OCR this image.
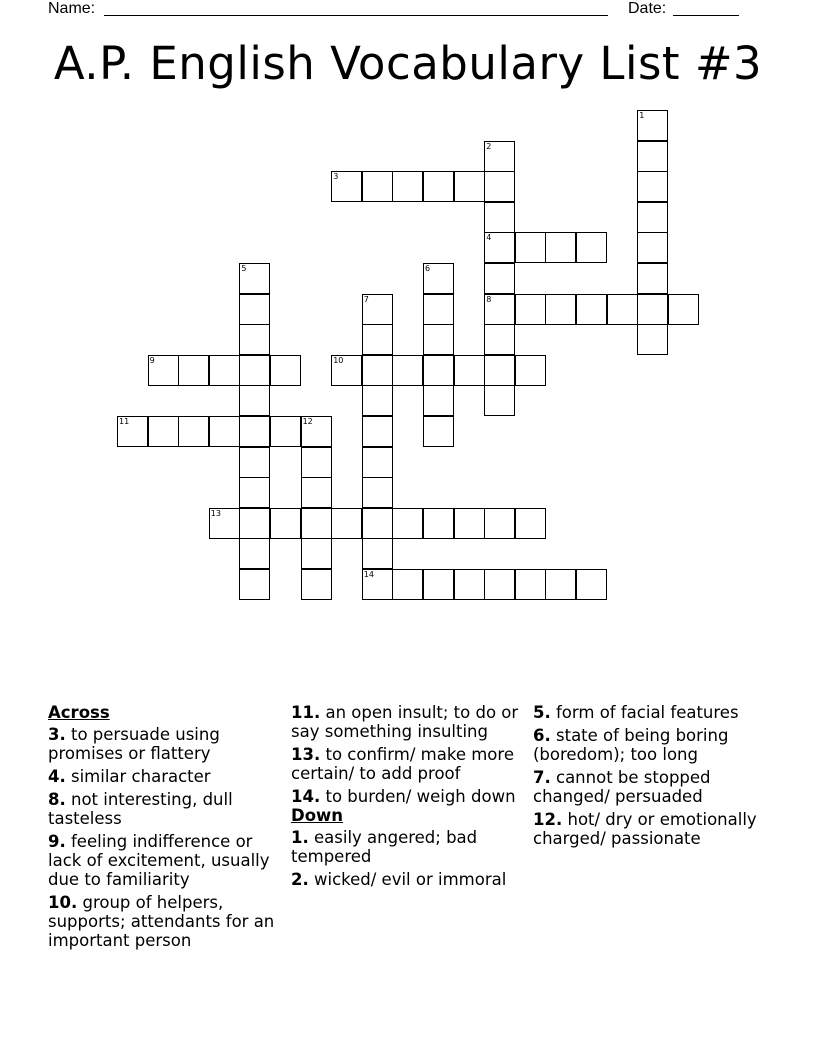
Name:	Date:
A.P. English Vocabulary List #3
1
2
4
8
3
5	6
7
14
9	10
11	12
13
Across
3. to persuade using promises or flattery
4. similar character
8. not interesting, dull tasteless
9. feeling indifference or lack of excitement, usually due to familiarity
10. group of helpers, supports; attendants for an important person
11. an open insult; to do or say something insulting
13. to confirm/ make more certain/ to add proof
14. to burden/ weigh down
Down
1. easily angered; bad tempered
2. wicked/ evil or immoral
5. form of facial features
6. state of being boring (boredom); too long
7. cannot be stopped changed/ persuaded
12. hot/ dry or emotionally charged/ passionate
